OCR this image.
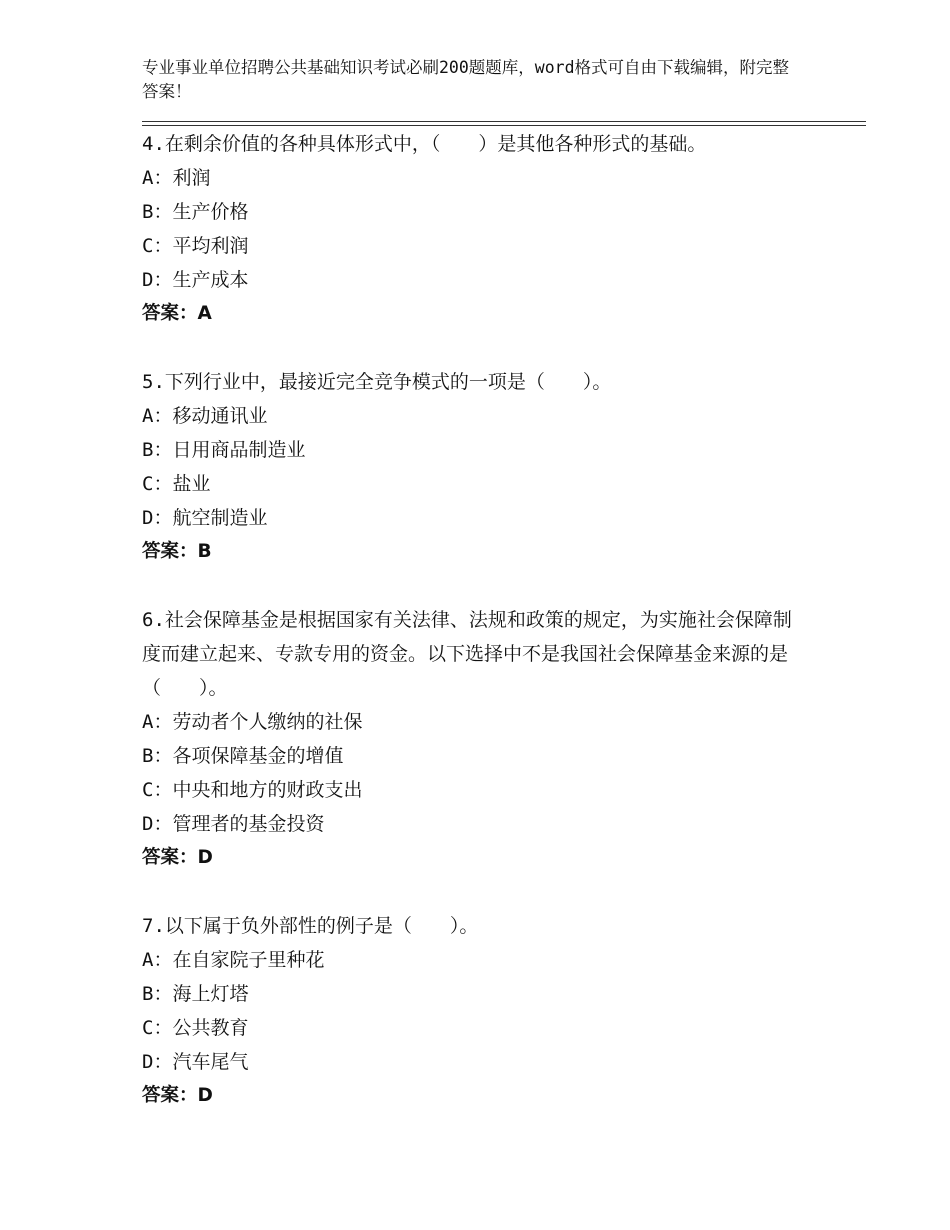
专业事业单位招聘公共基础知识考试必刷200题题库，word格式可自由下载编辑，附完整答案！
4.在剩余价值的各种具体形式中，（　　）是其他各种形式的基础。
A：利润
B：生产价格
C：平均利润
D：生产成本
答案：A
5.下列行业中，最接近完全竞争模式的一项是（　　）。
A：移动通讯业
B：日用商品制造业
C：盐业
D：航空制造业
答案：B
6.社会保障基金是根据国家有关法律、法规和政策的规定，为实施社会保障制度而建立起来、专款专用的资金。以下选择中不是我国社会保障基金来源的是（　　）。
A：劳动者个人缴纳的社保
B：各项保障基金的增值
C：中央和地方的财政支出
D：管理者的基金投资
答案：D
7.以下属于负外部性的例子是（　　）。
A：在自家院子里种花
B：海上灯塔
C：公共教育
D：汽车尾气
答案：D
